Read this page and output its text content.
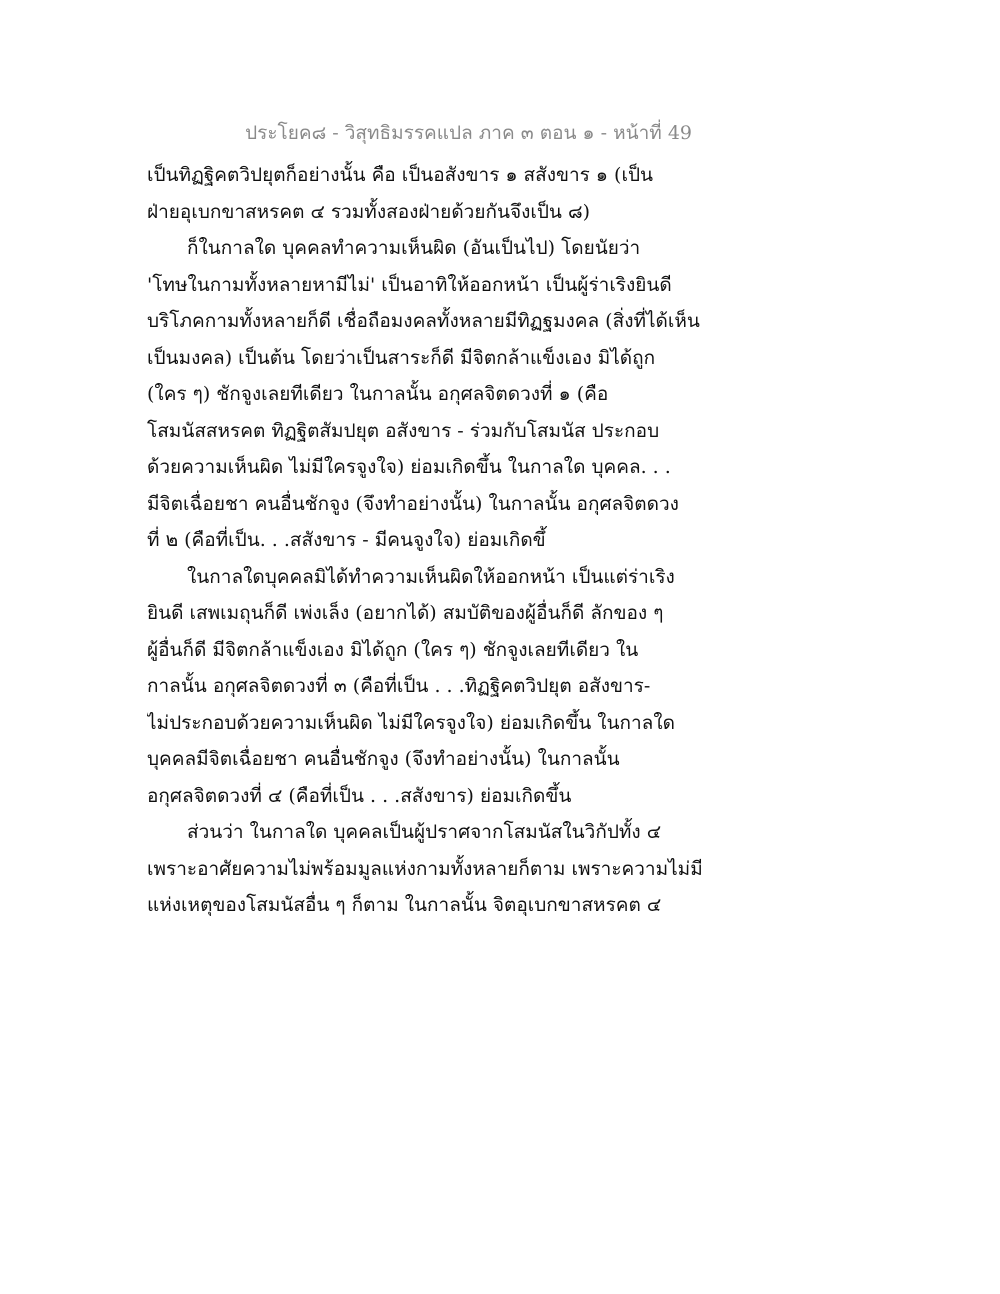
ประโยค๘ - วิสุทธิมรรคแปล ภาค ๓ ตอน ๑ - หน้าที่ 49
เป็นทิฏฐิคตวิปยุตก็อย่างนั้น คือ เป็นอสังขาร ๑ สสังขาร ๑ (เป็น
ฝ่ายอุเบกขาสหรคต ๔ รวมทั้งสองฝ่ายด้วยกันจึงเป็น ๘)
ก็ในกาลใด บุคคลทำความเห็นผิด (อันเป็นไป) โดยนัยว่า
'โทษในกามทั้งหลายหามีไม่' เป็นอาทิให้ออกหน้า เป็นผู้ร่าเริงยินดี
บริโภคกามทั้งหลายก็ดี เชื่อถือมงคลทั้งหลายมีทิฏฐมงคล (สิ่งที่ได้เห็น
เป็นมงคล) เป็นต้น โดยว่าเป็นสาระก็ดี มีจิตกล้าแข็งเอง มิได้ถูก
(ใคร ๆ) ชักจูงเลยทีเดียว ในกาลนั้น อกุศลจิตดวงที่ ๑ (คือ
โสมนัสสหรคต ทิฏฐิตสัมปยุต อสังขาร - ร่วมกับโสมนัส ประกอบ
ด้วยความเห็นผิด ไม่มีใครจูงใจ) ย่อมเกิดขึ้น ในกาลใด บุคคล. . .
มีจิตเฉื่อยชา คนอื่นชักจูง (จึงทำอย่างนั้น) ในกาลนั้น อกุศลจิตดวง
ที่ ๒ (คือที่เป็น. . .สสังขาร - มีคนจูงใจ) ย่อมเกิดขึ้
ในกาลใดบุคคลมิได้ทำความเห็นผิดให้ออกหน้า เป็นแต่ร่าเริง
ยินดี เสพเมถุนก็ดี เพ่งเล็ง (อยากได้) สมบัติของผู้อื่นก็ดี ลักของ ๆ
ผู้อื่นก็ดี มีจิตกล้าแข็งเอง มิได้ถูก (ใคร ๆ) ชักจูงเลยทีเดียว ใน
กาลนั้น อกุศลจิตดวงที่ ๓ (คือที่เป็น . . .ทิฏฐิคตวิปยุต อสังขาร-
ไม่ประกอบด้วยความเห็นผิด ไม่มีใครจูงใจ) ย่อมเกิดขึ้น ในกาลใด
บุคคลมีจิตเฉื่อยชา คนอื่นชักจูง (จึงทำอย่างนั้น) ในกาลนั้น
อกุศลจิตดวงที่ ๔ (คือที่เป็น . . .สสังขาร) ย่อมเกิดขึ้น
ส่วนว่า ในกาลใด บุคคลเป็นผู้ปราศจากโสมนัสในวิกัปทั้ง ๔
เพราะอาศัยความไม่พร้อมมูลแห่งกามทั้งหลายก็ตาม เพราะความไม่มี
แห่งเหตุของโสมนัสอื่น ๆ ก็ตาม ในกาลนั้น จิตอุเบกขาสหรคต ๔
